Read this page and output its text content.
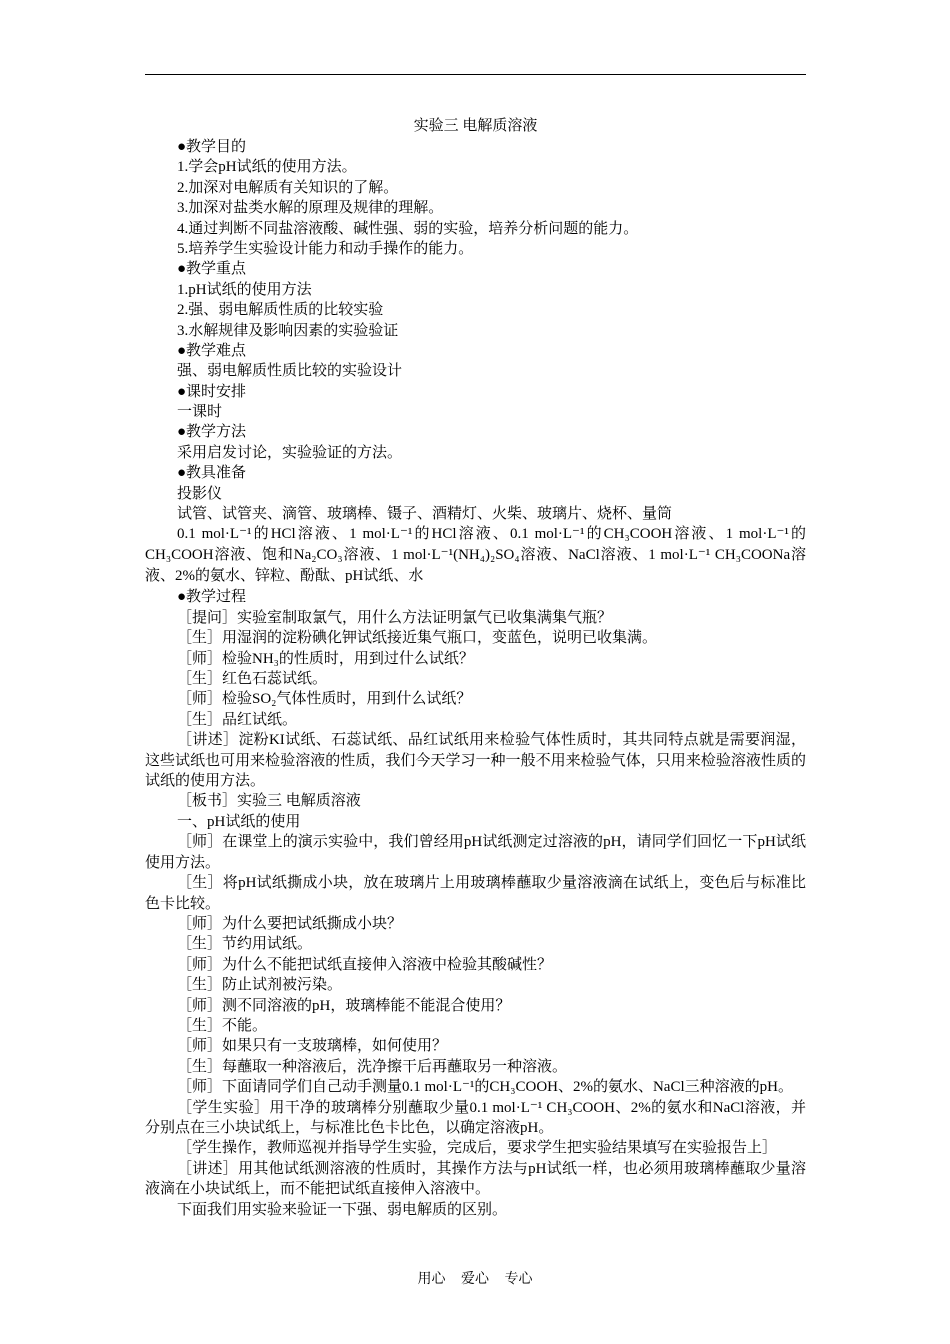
实验三 电解质溶液
●教学目的
1.学会pH试纸的使用方法。
2.加深对电解质有关知识的了解。
3.加深对盐类水解的原理及规律的理解。
4.通过判断不同盐溶液酸、碱性强、弱的实验，培养分析问题的能力。
5.培养学生实验设计能力和动手操作的能力。
●教学重点
1.pH试纸的使用方法
2.强、弱电解质性质的比较实验
3.水解规律及影响因素的实验验证
●教学难点
强、弱电解质性质比较的实验设计
●课时安排
一课时
●教学方法
采用启发讨论，实验验证的方法。
●教具准备
投影仪
试管、试管夹、滴管、玻璃棒、镊子、酒精灯、火柴、玻璃片、烧杯、量筒
0.1 mol·L⁻¹的HCl溶液、1 mol·L⁻¹的HCl溶液、0.1 mol·L⁻¹的CH₃COOH溶液、1 mol·L⁻¹的CH₃COOH溶液、饱和Na₂CO₃溶液、1 mol·L⁻¹(NH₄)₂SO₄溶液、NaCl溶液、1 mol·L⁻¹ CH₃COONa溶液、2%的氨水、锌粒、酚酞、pH试纸、水
●教学过程
［提问］实验室制取氯气，用什么方法证明氯气已收集满集气瓶？
［生］用湿润的淀粉碘化钾试纸接近集气瓶口，变蓝色，说明已收集满。
［师］检验NH₃的性质时，用到过什么试纸？
［生］红色石蕊试纸。
［师］检验SO₂气体性质时，用到什么试纸？
［生］品红试纸。
［讲述］淀粉KI试纸、石蕊试纸、品红试纸用来检验气体性质时，其共同特点就是需要润湿，这些试纸也可用来检验溶液的性质，我们今天学习一种一般不用来检验气体，只用来检验溶液性质的试纸的使用方法。
［板书］实验三 电解质溶液
一、pH试纸的使用
［师］在课堂上的演示实验中，我们曾经用pH试纸测定过溶液的pH，请同学们回忆一下pH试纸使用方法。
［生］将pH试纸撕成小块，放在玻璃片上用玻璃棒蘸取少量溶液滴在试纸上，变色后与标准比色卡比较。
［师］为什么要把试纸撕成小块？
［生］节约用试纸。
［师］为什么不能把试纸直接伸入溶液中检验其酸碱性？
［生］防止试剂被污染。
［师］测不同溶液的pH，玻璃棒能不能混合使用？
［生］不能。
［师］如果只有一支玻璃棒，如何使用？
［生］每蘸取一种溶液后，洗净擦干后再蘸取另一种溶液。
［师］下面请同学们自己动手测量0.1 mol·L⁻¹的CH₃COOH、2%的氨水、NaCl三种溶液的pH。
［学生实验］用干净的玻璃棒分别蘸取少量0.1 mol·L⁻¹ CH₃COOH、2%的氨水和NaCl溶液，并分别点在三小块试纸上，与标准比色卡比色，以确定溶液pH。
［学生操作，教师巡视并指导学生实验，完成后，要求学生把实验结果填写在实验报告上］
［讲述］用其他试纸测溶液的性质时，其操作方法与pH试纸一样，也必须用玻璃棒蘸取少量溶液滴在小块试纸上，而不能把试纸直接伸入溶液中。
下面我们用实验来验证一下强、弱电解质的区别。
用心 爱心 专心
